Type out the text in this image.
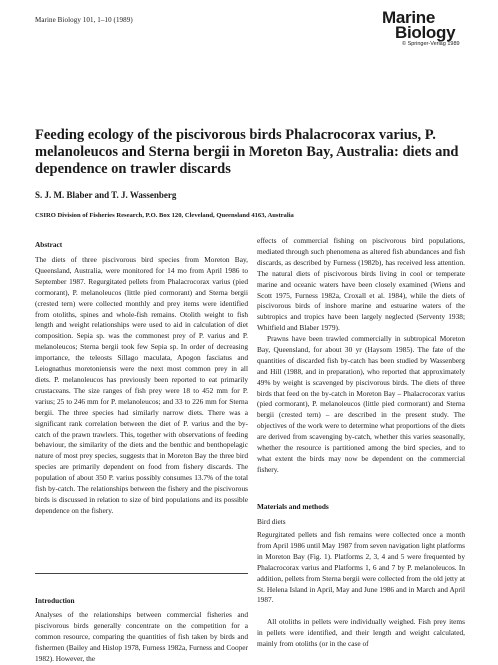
Marine Biology 101, 1–10 (1989)	Marine
Biology
© Springer-Verlag 1989
Feeding ecology of the piscivorous birds Phalacrocorax varius, P. melanoleucos and Sterna bergii in Moreton Bay, Australia: diets and dependence on trawler discards
S. J. M. Blaber and T. J. Wassenberg
CSIRO Division of Fisheries Research, P.O. Box 120, Cleveland, Queensland 4163, Australia
Abstract

The diets of three piscivorous bird species from Moreton Bay, Queensland, Australia, were monitored for 14 mo from April 1986 to September 1987. Regurgitated pellets from Phalacrocorax varius (pied cormorant), P. melanoleucos (little pied cormorant) and Sterna bergii (crested tern) were collected monthly and prey items were identified from otoliths, spines and whole-fish remains. Otolith weight to fish length and weight relationships were used to aid in calculation of diet composition. Sepia sp. was the commonest prey of P. varius and P. melanoleucos; Sterna bergii took few Sepia sp. In order of decreasing importance, the teleosts Sillago maculata, Apogon fasciatus and Leiognathus moretoniensis were the next most common prey in all diets. P. melanoleucos has previously been reported to eat primarily crustaceans. The size ranges of fish prey were 18 to 452 mm for P. varius; 25 to 246 mm for P. melanoleucos; and 33 to 226 mm for Sterna bergii. The three species had similarly narrow diets. There was a significant rank correlation between the diet of P. varius and the by-catch of the prawn trawlers. This, together with observations of feeding behaviour, the similarity of the diets and the benthic and benthopelagic nature of most prey species, suggests that in Moreton Bay the three bird species are primarily dependent on food from fishery discards. The population of about 350 P. varius possibly consumes 13.7% of the total fish by-catch. The relationships between the fishery and the piscivorous birds is discussed in relation to size of bird populations and its possible dependence on the fishery.

Introduction

Analyses of the relationships between commercial fisheries and piscivorous birds generally concentrate on the competition for a common resource, comparing the quantities of fish taken by birds and fishermen (Bailey and Hislop 1978, Furness 1982a, Furness and Cooper 1982). However, the

effects of commercial fishing on piscivorous bird populations, mediated through such phenomena as altered fish abundances and fish discards, as described by Furness (1982b), has received less attention. The natural diets of piscivorous birds living in cool or temperate marine and oceanic waters have been closely examined (Wiens and Scott 1975, Furness 1982a, Croxall et al. 1984), while the diets of piscivorous birds of inshore marine and estuarine waters of the subtropics and tropics have been largely neglected (Serventy 1938; Whitfield and Blaber 1979).

Prawns have been trawled commercially in subtropical Moreton Bay, Queensland, for about 30 yr (Haysom 1985). The fate of the quantities of discarded fish by-catch has been studied by Wassenberg and Hill (1988, and in preparation), who reported that approximately 49% by weight is scavenged by piscivorous birds. The diets of three birds that feed on the by-catch in Moreton Bay – Phalacrocorax varius (pied cormorant), P. melanoleucos (little pied cormorant) and Sterna bergii (crested tern) – are described in the present study. The objectives of the work were to determine what proportions of the diets are derived from scavenging by-catch, whether this varies seasonally, whether the resource is partitioned among the bird species, and to what extent the birds may now be dependent on the commercial fishery.

Materials and methods
Bird diets

Regurgitated pellets and fish remains were collected once a month from April 1986 until May 1987 from seven navigation light platforms in Moreton Bay (Fig. 1). Platforms 2, 3, 4 and 5 were frequented by Phalacrocorax varius and Platforms 1, 6 and 7 by P. melanoleucos. In addition, pellets from Sterna bergii were collected from the old jetty at St. Helena Island in April, May and June 1986 and in March and April 1987.

All otoliths in pellets were individually weighed. Fish prey items in pellets were identified, and their length and weight calculated, mainly from otoliths (or in the case of
